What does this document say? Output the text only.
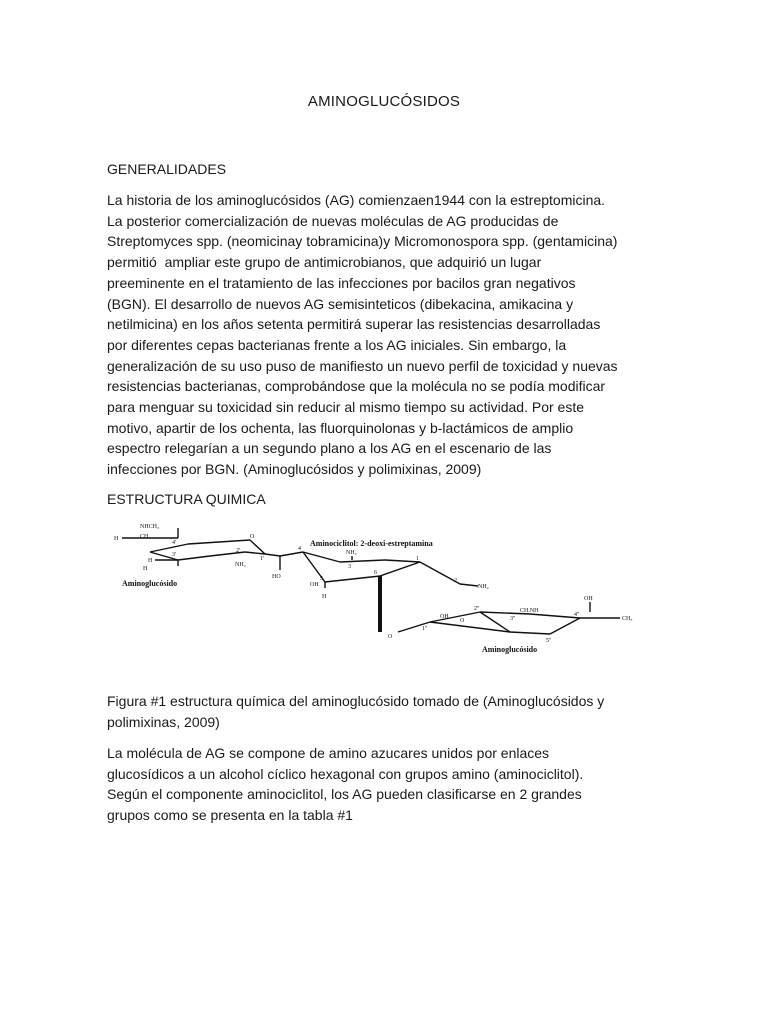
AMINOGLUCÓSIDOS
GENERALIDADES
La historia de los aminoglucósidos (AG) comienzaen1944 con la estreptomicina.
La posterior comercialización de nuevas moléculas de AG producidas de
Streptomyces spp. (neomicinay tobramicina)y Micromonospora spp. (gentamicina)
permitió  ampliar este grupo de antimicrobianos, que adquirió un lugar
preeminente en el tratamiento de las infecciones por bacilos gran negativos
(BGN). El desarrollo de nuevos AG semisinteticos (dibekacina, amikacina y
netilmicina) en los años setenta permitirá superar las resistencias desarrolladas
por diferentes cepas bacterianas frente a los AG iniciales. Sin embargo, la
generalización de su uso puso de manifiesto un nuevo perfil de toxicidad y nuevas
resistencias bacterianas, comprobándose que la molécula no se podía modificar
para menguar su toxicidad sin reducir al mismo tiempo su actividad. Por este
motivo, apartir de los ochenta, las fluorquinolonas y b-lactámicos de amplio
espectro relegarían a un segundo plano a los AG en el escenario de las
infecciones por BGN. (Aminoglucósidos y polimixinas, 2009)
ESTRUCTURA QUIMICA
NHCH₃
CH
H
H
H
O
NH₂
HO
1'
2'
3'
4'
NH₂
OH
H
NH₂
OH
CH.NH
OH
CH₃
O
O
1''
2''
3''
4''
5''
4
5
6
1
2
3
Aminoglucósido
Aminociclitol: 2-deoxi-estreptamina
Aminoglucósido
Figura #1 estructura química del aminoglucósido tomado de (Aminoglucósidos y
polimixinas, 2009)
La molécula de AG se compone de amino azucares unidos por enlaces
glucosídicos a un alcohol cíclico hexagonal con grupos amino (aminociclitol).
Según el componente aminociclitol, los AG pueden clasificarse en 2 grandes
grupos como se presenta en la tabla #1
